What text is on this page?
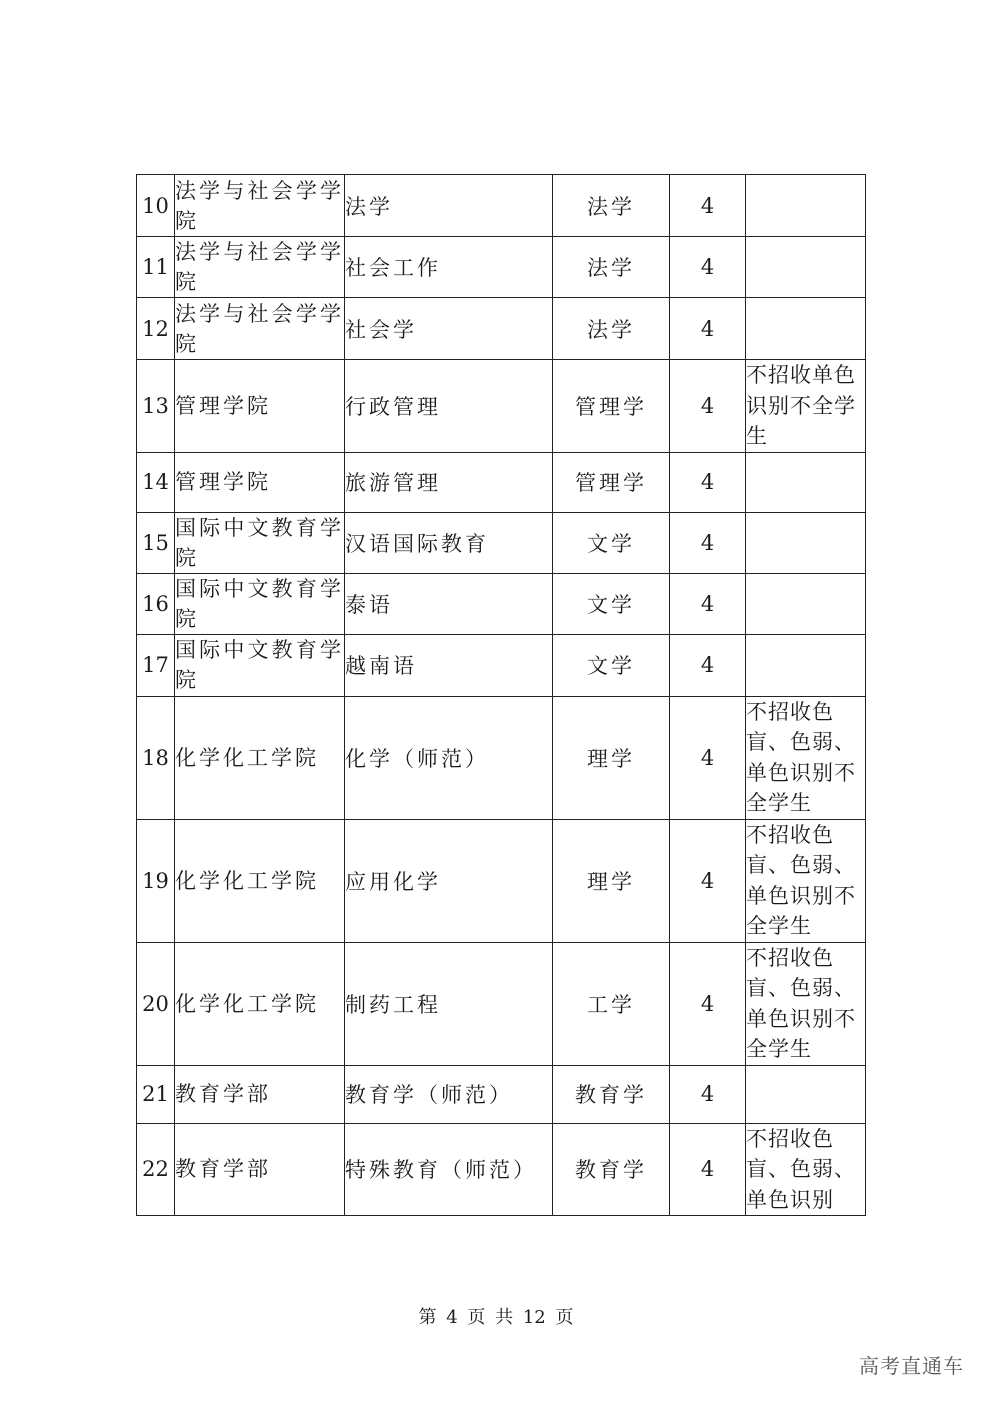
10	法学与社会学学院	法学	法学	4	
11	法学与社会学学院	社会工作	法学	4	
12	法学与社会学学院	社会学	法学	4	
13	管理学院	行政管理	管理学	4	不招收单色识别不全学生
14	管理学院	旅游管理	管理学	4	
15	国际中文教育学院	汉语国际教育	文学	4	
16	国际中文教育学院	泰语	文学	4	
17	国际中文教育学院	越南语	文学	4	
18	化学化工学院	化学（师范）	理学	4	不招收色盲、色弱、单色识别不全学生
19	化学化工学院	应用化学	理学	4	不招收色盲、色弱、单色识别不全学生
20	化学化工学院	制药工程	工学	4	不招收色盲、色弱、单色识别不全学生
21	教育学部	教育学（师范）	教育学	4	
22	教育学部	特殊教育（师范）	教育学	4	不招收色盲、色弱、单色识别
第 4 页 共 12 页
高考直通车
